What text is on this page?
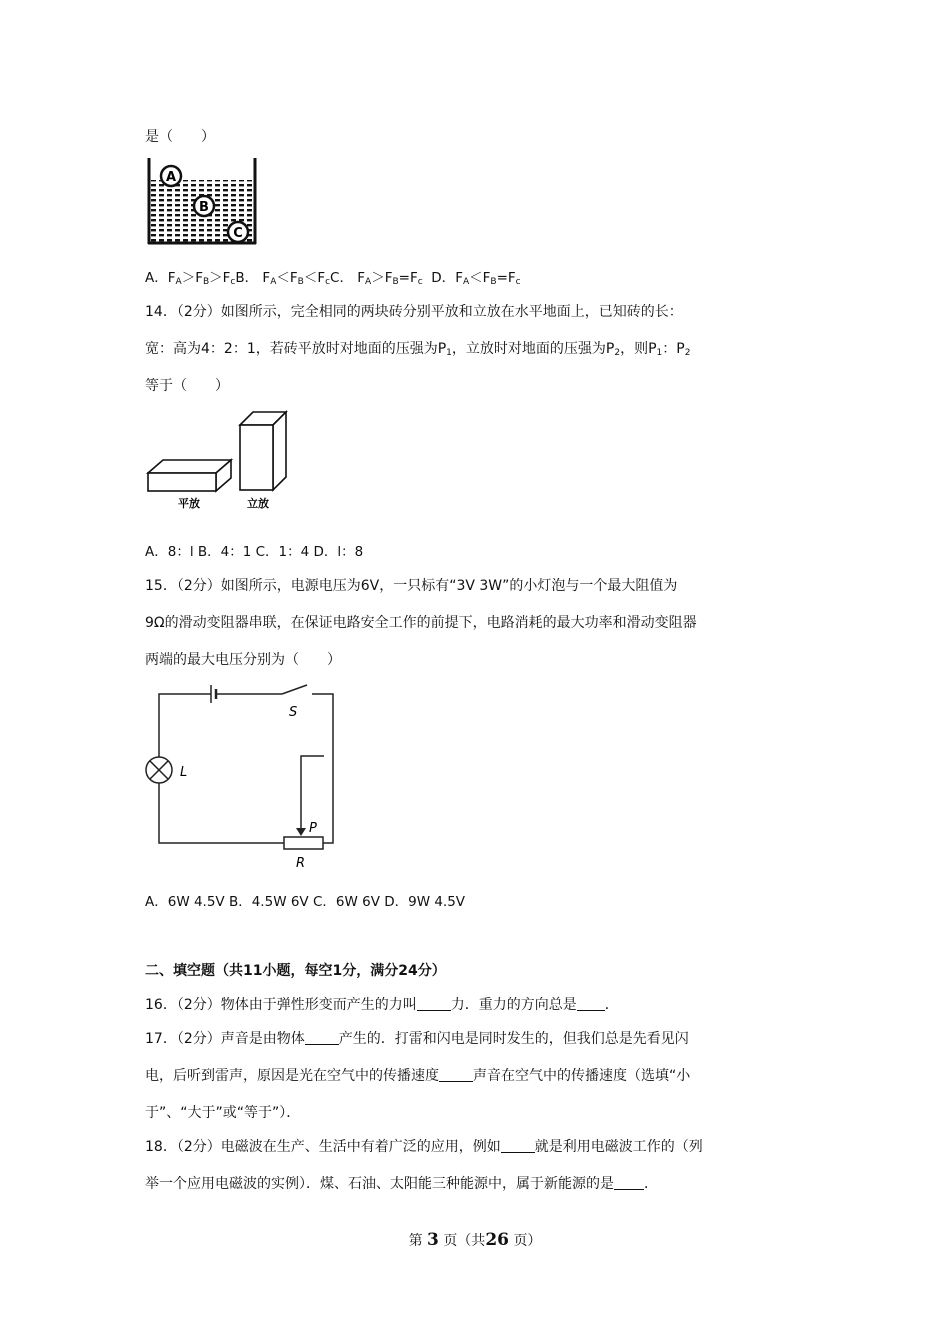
是（　　）
A
B
C
A．$F_A>F_B>F_cB$． $F_A<F_B<F_cC$． $F_A>F_B=F_c$ D．$F_A<F_B=F_c$
14．（2分）如图所示，完全相同的两块砖分别平放和立放在水平地面上，已知砖的长：
宽：高为4：2：1，若砖平放时对地面的压强为$P_1$，立放时对地面的压强为$P_2$，则$P_1$：$P_2$
等于（　　）
平放	立放
A．8：l B．4：1 C．1：4 D．l：8
15．（2分）如图所示，电源电压为6V，一只标有“3V 3W”的小灯泡与一个最大阻值为
9Ω的滑动变阻器串联，在保证电路安全工作的前提下，电路消耗的最大功率和滑动变阻器
两端的最大电压分别为（　　）
S
L
P
R
A．6W 4.5V B．4.5W 6V C．6W 6V D．9W 4.5V
二、填空题（共11小题，每空1分，满分24分）
16．（2分）物体由于弹性形变而产生的力叫 力．重力的方向总是 ．
17．（2分）声音是由物体 产生的．打雷和闪电是同时发生的，但我们总是先看见闪
电，后听到雷声，原因是光在空气中的传播速度 声音在空气中的传播速度（选填“小
于”、“大于”或“等于”）．
18．（2分）电磁波在生产、生活中有着广泛的应用，例如 就是利用电磁波工作的（列
举一个应用电磁波的实例）．煤、石油、太阳能三种能源中，属于新能源的是 ．
第 3 页（共26 页）
